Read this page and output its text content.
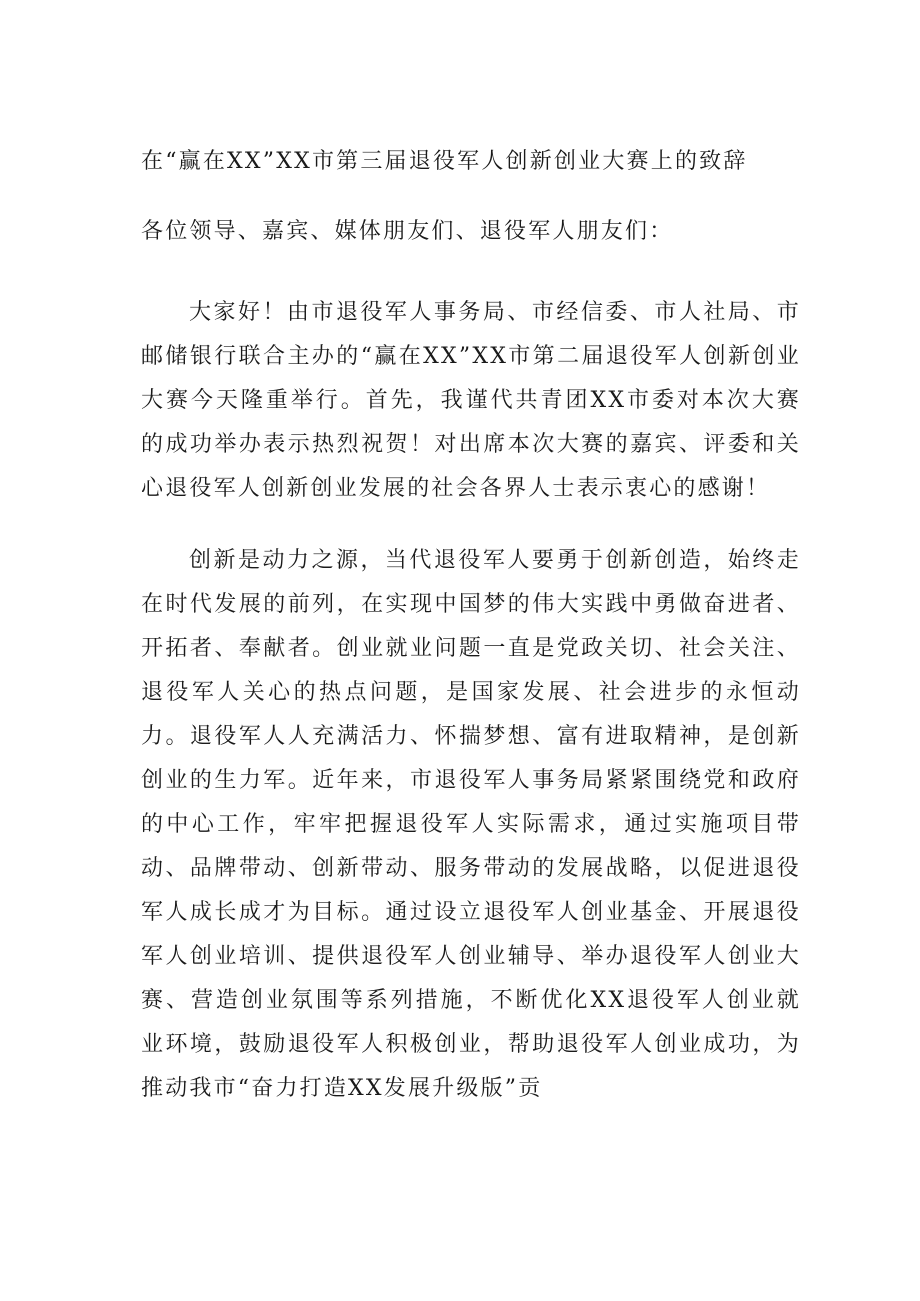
在“赢在XX”XX市第三届退役军人创新创业大赛上的致辞
各位领导、嘉宾、媒体朋友们、退役军人朋友们：
大家好！由市退役军人事务局、市经信委、市人社局、市邮储银行联合主办的“赢在XX”XX市第二届退役军人创新创业大赛今天隆重举行。首先，我谨代共青团XX市委对本次大赛的成功举办表示热烈祝贺！对出席本次大赛的嘉宾、评委和关心退役军人创新创业发展的社会各界人士表示衷心的感谢！
创新是动力之源，当代退役军人要勇于创新创造，始终走在时代发展的前列，在实现中国梦的伟大实践中勇做奋进者、开拓者、奉献者。创业就业问题一直是党政关切、社会关注、退役军人关心的热点问题，是国家发展、社会进步的永恒动力。退役军人人充满活力、怀揣梦想、富有进取精神，是创新创业的生力军。近年来，市退役军人事务局紧紧围绕党和政府的中心工作，牢牢把握退役军人实际需求，通过实施项目带动、品牌带动、创新带动、服务带动的发展战略，以促进退役军人成长成才为目标。通过设立退役军人创业基金、开展退役军人创业培训、提供退役军人创业辅导、举办退役军人创业大赛、营造创业氛围等系列措施，不断优化XX退役军人创业就业环境，鼓励退役军人积极创业，帮助退役军人创业成功，为推动我市“奋力打造XX发展升级版”贡
